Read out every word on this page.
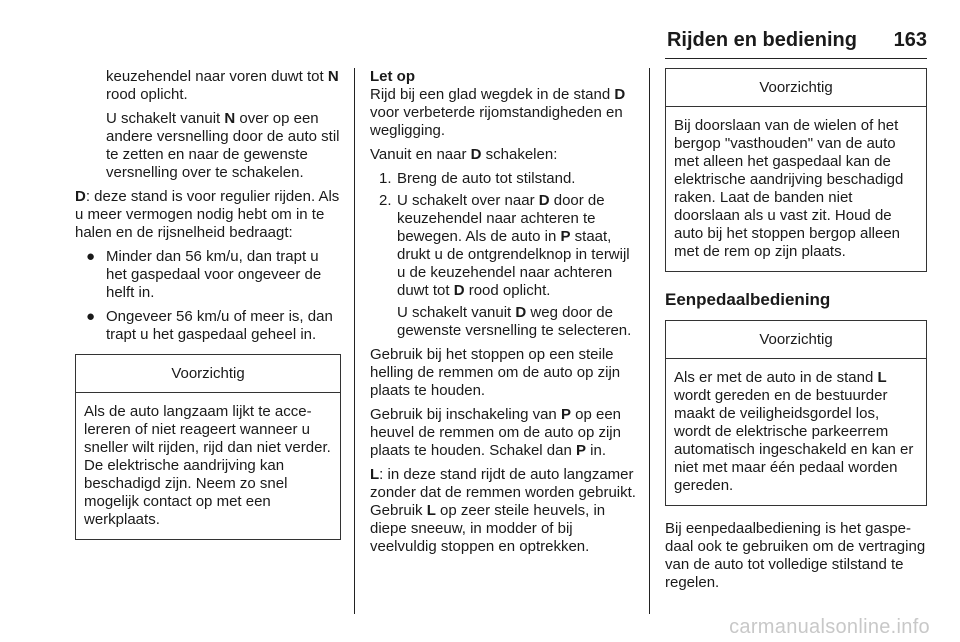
Rijden en bediening 163

keuzehendel naar voren duwt tot N rood oplicht.

U schakelt vanuit N over op een andere versnelling door de auto stil te zetten en naar de gewenste versnelling over te schakelen.

D: deze stand is voor regulier rijden. Als u meer vermogen nodig hebt om in te halen en de rijsnelheid bedraagt:

● Minder dan 56 km/u, dan trapt u het gaspedaal voor ongeveer de helft in.
● Ongeveer 56 km/u of meer is, dan trapt u het gaspedaal geheel in.
Voorzichtig
Als de auto langzaam lijkt te accelereren of niet reageert wanneer u sneller wilt rijden, rijd dan niet verder. De elektrische aandrijving kan beschadigd zijn. Neem zo snel mogelijk contact op met een werkplaats.
Let op

Rijd bij een glad wegdek in de stand D voor verbeterde rijomstandigheden en wegligging.

Vanuit en naar D schakelen:

1. Breng de auto tot stilstand.
2. U schakelt over naar D door de keuzehendel naar achteren te bewegen. Als de auto in P staat, drukt u de ontgrendelknop in terwijl u de keuzehendel naar achteren duwt tot D rood oplicht.

U schakelt vanuit D weg door de gewenste versnelling te selecteren.

Gebruik bij het stoppen op een steile helling de remmen om de auto op zijn plaats te houden.

Gebruik bij inschakeling van P op een heuvel de remmen om de auto op zijn plaats te houden. Schakel dan P in.

L: in deze stand rijdt de auto langzamer zonder dat de remmen worden gebruikt. Gebruik L op zeer steile heuvels, in diepe sneeuw, in modder of bij veelvuldig stoppen en optrekken.

Voorzichtig
Bij doorslaan van de wielen of het bergop "vasthouden" van de auto met alleen het gaspedaal kan de elektrische aandrijving beschadigd raken. Laat de banden niet doorslaan als u vast zit. Houd de auto bij het stoppen bergop alleen met de rem op zijn plaats.
Eenpedaalbediening
Voorzichtig
Als er met de auto in de stand L wordt gereden en de bestuurder maakt de veiligheidsgordel los, wordt de elektrische parkeerrem automatisch ingeschakeld en kan er niet met maar één pedaal worden gereden.

Bij eenpedaalbediening is het gaspedaal ook te gebruiken om de vertraging van de auto tot volledige stilstand te regelen.

carmanualsonline.info
